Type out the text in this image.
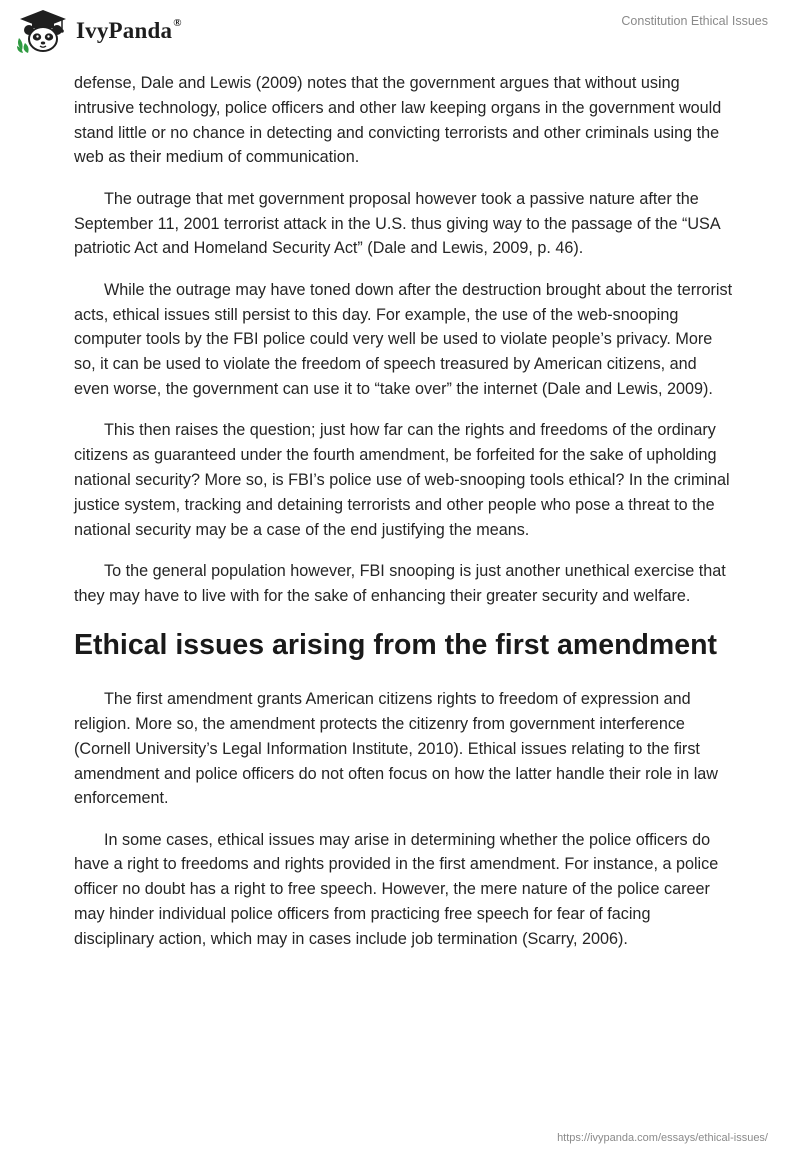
IvyPanda®	Constitution Ethical Issues

defense, Dale and Lewis (2009) notes that the government argues that without using intrusive technology, police officers and other law keeping organs in the government would stand little or no chance in detecting and convicting terrorists and other criminals using the web as their medium of communication.

The outrage that met government proposal however took a passive nature after the September 11, 2001 terrorist attack in the U.S. thus giving way to the passage of the “USA patriotic Act and Homeland Security Act” (Dale and Lewis, 2009, p. 46).

While the outrage may have toned down after the destruction brought about the terrorist acts, ethical issues still persist to this day. For example, the use of the web-snooping computer tools by the FBI police could very well be used to violate people’s privacy. More so, it can be used to violate the freedom of speech treasured by American citizens, and even worse, the government can use it to “take over” the internet (Dale and Lewis, 2009).

This then raises the question; just how far can the rights and freedoms of the ordinary citizens as guaranteed under the fourth amendment, be forfeited for the sake of upholding national security? More so, is FBI’s police use of web-snooping tools ethical? In the criminal justice system, tracking and detaining terrorists and other people who pose a threat to the national security may be a case of the end justifying the means.

To the general population however, FBI snooping is just another unethical exercise that they may have to live with for the sake of enhancing their greater security and welfare.

Ethical issues arising from the first amendment

The first amendment grants American citizens rights to freedom of expression and religion. More so, the amendment protects the citizenry from government interference (Cornell University’s Legal Information Institute, 2010). Ethical issues relating to the first amendment and police officers do not often focus on how the latter handle their role in law enforcement.

In some cases, ethical issues may arise in determining whether the police officers do have a right to freedoms and rights provided in the first amendment. For instance, a police officer no doubt has a right to free speech. However, the mere nature of the police career may hinder individual police officers from practicing free speech for fear of facing disciplinary action, which may in cases include job termination (Scarry, 2006).

https://ivypanda.com/essays/ethical-issues/
